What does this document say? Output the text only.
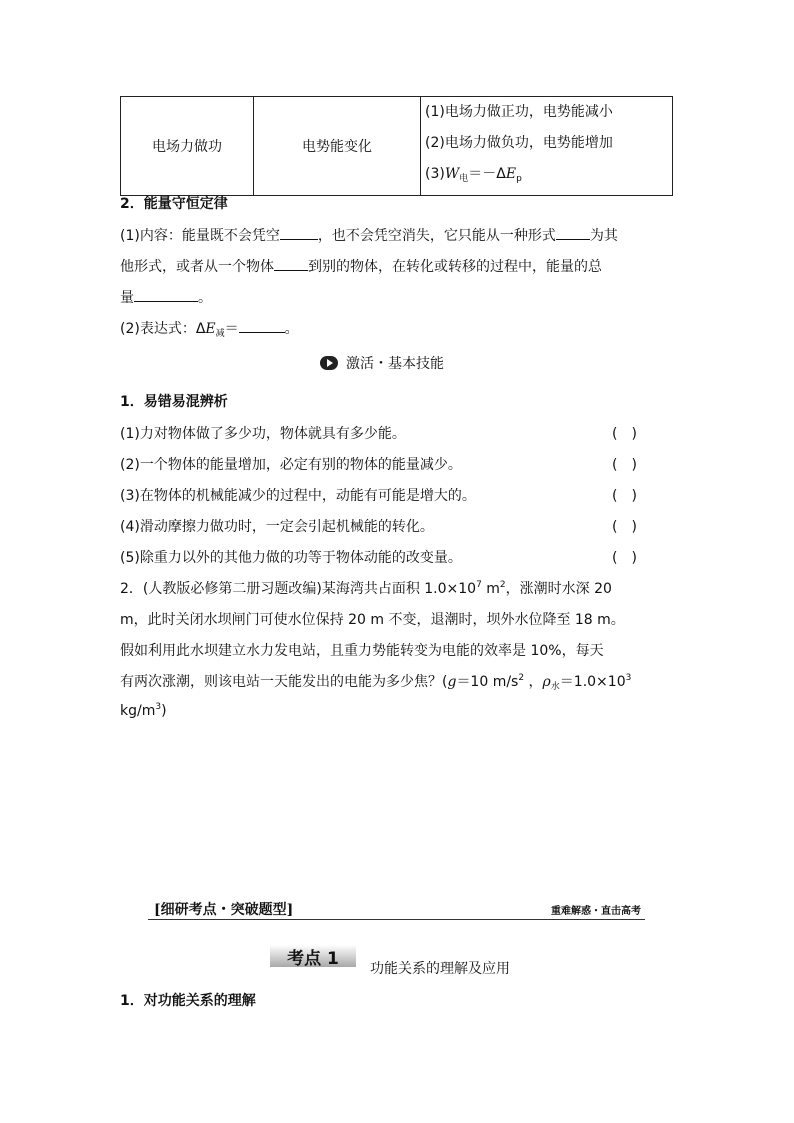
电场力做功	电势能变化	
(1)电场力做正功，电势能减小
(2)电场力做负功，电势能增加
$(3)W_电=-\Delta E_p$
2．能量守恒定律
(1)内容：能量既不会凭空	，也不会凭空消失，它只能从一种形式 为其
他形式，或者从一个物体 到别的物体，在转化或转移的过程中，能量的总
量	。
(2)表达式：$\Delta E_减=$	。
激活・基本技能
1．易错易混辨析
(1)力对物体做了多少功，物体就具有多少能。	(　)
(2)一个物体的能量增加，必定有别的物体的能量减少。	(　)
(3)在物体的机械能减少的过程中，动能有可能是增大的。	(　)
(4)滑动摩擦力做功时，一定会引起机械能的转化。	(　)
(5)除重力以外的其他力做的功等于物体动能的改变量。	(　)
2．(人教版必修第二册习题改编)某海湾共占面积 $1.0\times 10^7$ $m^2$，涨潮时水深 20
m，此时关闭水坝闸门可使水位保持 20 m 不变，退潮时，坝外水位降至 18 m。
假如利用此水坝建立水力发电站，且重力势能转变为电能的效率是 10%，每天
有两次涨潮，则该电站一天能发出的电能为多少焦？(g＝10 $m/s^2$ ，$\rho_水=1.0\times 10^3$
$kg/m^3$)
[细研考点・突破题型]	重难解惑・直击高考
考点 1
功能关系的理解及应用
1．对功能关系的理解
